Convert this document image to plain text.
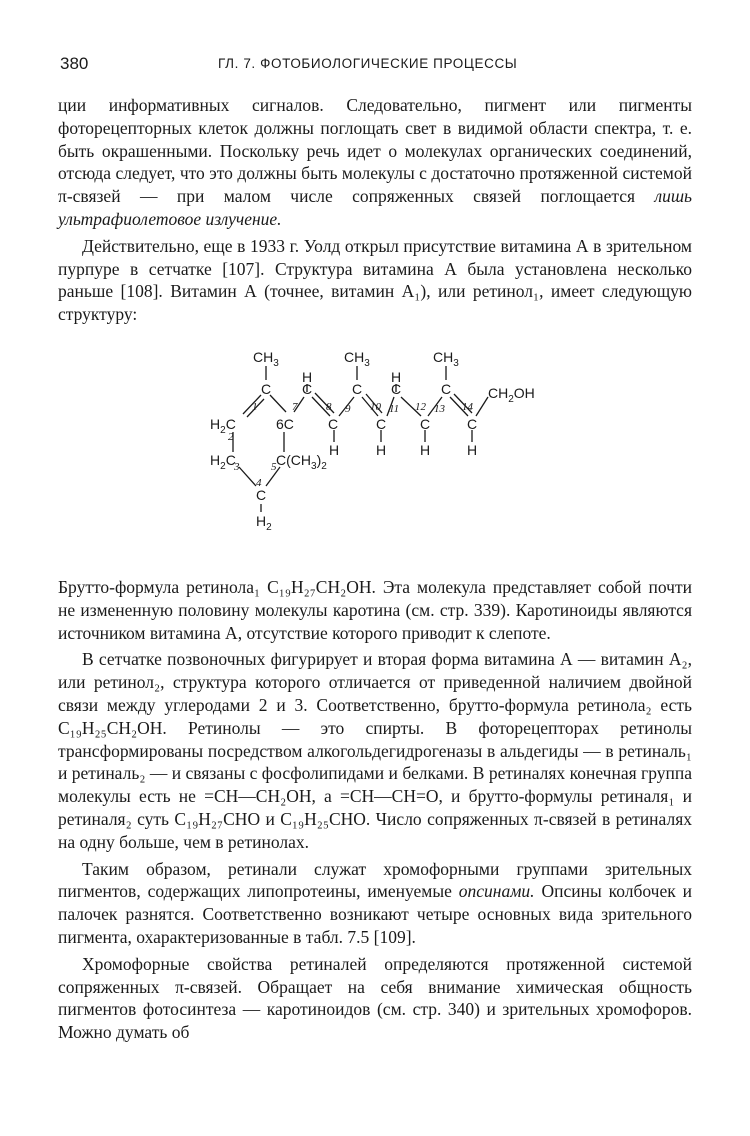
380	ГЛ. 7. ФОТОБИОЛОГИЧЕСКИЕ ПРОЦЕССЫ

ции информативных сигналов. Следовательно, пигмент или пигменты фоторецепторных клеток должны поглощать свет в видимой области спектра, т. е. быть окрашенными. Поскольку речь идет о молекулах органических соединений, отсюда следует, что это должны быть молекулы с достаточно протяженной системой π-связей — при малом числе сопряженных связей поглощается лишь ультрафиолетовое излучение.

Действительно, еще в 1933 г. Уолд открыл присутствие витамина А в зрительном пурпуре в сетчатке [107]. Структура витамина А была установлена несколько раньше [108]. Витамин А (точнее, витамин А₁), или ретинол₁, имеет следующую структуру:

$CH_3$	$CH_3$	$CH_3$
H	H
C C	C C	C	$CH_2OH$
$H_2C$	6C C	C C	C
H	H H	H
$H_2C$	$C(CH_3)_2$
C
$H_2$
1
2
3
4
5
7	8 9 10 11 12 13 14

Брутто-формула ретинола₁ C₁₉H₂₇CH₂OH. Эта молекула представляет собой почти не измененную половину молекулы каротина (см. стр. 339). Каротиноиды являются источником витамина А, отсутствие которого приводит к слепоте.

В сетчатке позвоночных фигурирует и вторая форма витамина А — витамин А₂, или ретинол₂, структура которого отличается от приведенной наличием двойной связи между углеродами 2 и 3. Соответственно, брутто-формула ретинола₂ есть C₁₉H₂₅CH₂OH. Ретинолы — это спирты. В фоторецепторах ретинолы трансформированы посредством алкогольдегидрогеназы в альдегиды — в ретиналь₁ и ретиналь₂ — и связаны с фосфолипидами и белками. В ретиналях конечная группа молекулы есть не =CH—CH₂OH, а =CH—CH=O, и брутто-формулы ретиналя₁ и ретиналя₂ суть C₁₉H₂₇CHO и C₁₉H₂₅CHO. Число сопряженных π-связей в ретиналях на одну больше, чем в ретинолах.

Таким образом, ретинали служат хромофорными группами зрительных пигментов, содержащих липопротеины, именуемые опсинами. Опсины колбочек и палочек разнятся. Соответственно возникают четыре основных вида зрительного пигмента, охарактеризованные в табл. 7.5 [109].

Хромофорные свойства ретиналей определяются протяженной системой сопряженных π-связей. Обращает на себя внимание химическая общность пигментов фотосинтеза — каротиноидов (см. стр. 340) и зрительных хромофоров. Можно думать об
